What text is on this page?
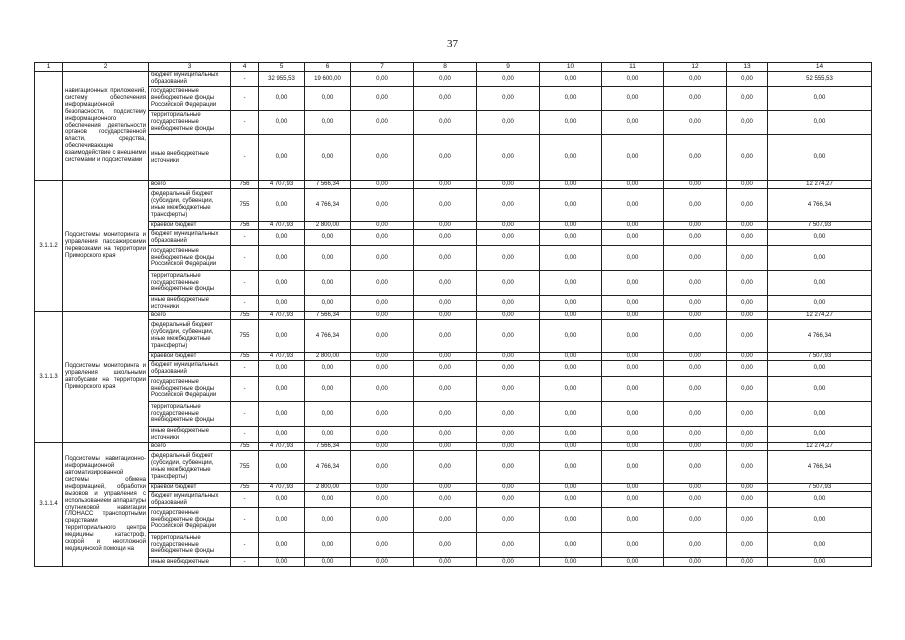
37
1	2	3	4	5	6	7	8	9	10	11	12	13	14
	навигационных приложений, систему обеспечения информационной безопасности, подсистему информационного обеспечения деятельности органов государственной власти, средства, обеспечивающие взаимодействие с внешними системами и подсистемами	бюджет муниципальных образований	-	32 955,53	19 600,00	0,00	0,00	0,00	0,00	0,00	0,00	0,00	52 555,53
		государственные внебюджетные фонды Российской Федерации	-	0,00	0,00	0,00	0,00	0,00	0,00	0,00	0,00	0,00	0,00
		территориальные государственные внебюджетные фонды	-	0,00	0,00	0,00	0,00	0,00	0,00	0,00	0,00	0,00	0,00
		иные внебюджетные источники	-	0,00	0,00	0,00	0,00	0,00	0,00	0,00	0,00	0,00	0,00
3.1.1.2	Подсистемы мониторинга и управления пассажирскими перевозками на территории Приморского края	всего	756	4 707,93	7 566,34	0,00	0,00	0,00	0,00	0,00	0,00	0,00	12 274,27
		федеральный бюджет (субсидии, субвенции, иные межбюджетные трансферты)	755	0,00	4 766,34	0,00	0,00	0,00	0,00	0,00	0,00	0,00	4 766,34
		краевой бюджет	756	4 707,93	2 800,00	0,00	0,00	0,00	0,00	0,00	0,00	0,00	7 507,93
		бюджет муниципальных образований	-	0,00	0,00	0,00	0,00	0,00	0,00	0,00	0,00	0,00	0,00
		государственные внебюджетные фонды Российской Федерации	-	0,00	0,00	0,00	0,00	0,00	0,00	0,00	0,00	0,00	0,00
		территориальные государственные внебюджетные фонды	-	0,00	0,00	0,00	0,00	0,00	0,00	0,00	0,00	0,00	0,00
		иные внебюджетные источники	-	0,00	0,00	0,00	0,00	0,00	0,00	0,00	0,00	0,00	0,00
3.1.1.3	Подсистемы мониторинга и управления школьными автобусами на территории Приморского края	всего	755	4 707,93	7 566,34	0,00	0,00	0,00	0,00	0,00	0,00	0,00	12 274,27
		федеральный бюджет (субсидии, субвенции, иные межбюджетные трансферты)	755	0,00	4 766,34	0,00	0,00	0,00	0,00	0,00	0,00	0,00	4 766,34
		краевой бюджет	755	4 707,93	2 800,00	0,00	0,00	0,00	0,00	0,00	0,00	0,00	7 507,93
		бюджет муниципальных образований	-	0,00	0,00	0,00	0,00	0,00	0,00	0,00	0,00	0,00	0,00
		государственные внебюджетные фонды Российской Федерации	-	0,00	0,00	0,00	0,00	0,00	0,00	0,00	0,00	0,00	0,00
		территориальные государственные внебюджетные фонды	-	0,00	0,00	0,00	0,00	0,00	0,00	0,00	0,00	0,00	0,00
		иные внебюджетные источники	-	0,00	0,00	0,00	0,00	0,00	0,00	0,00	0,00	0,00	0,00
3.1.1.4	Подсистемы навигационно-информационной автоматизированной системы обмена информацией, обработки вызовов и управления с использованием аппаратуры спутниковой навигации ГЛОНАСС транспортными средствами территориального центра медицины катастроф, скорой и неотложной медицинской помощи на	всего	755	4 707,93	7 566,34	0,00	0,00	0,00	0,00	0,00	0,00	0,00	12 274,27
		федеральный бюджет (субсидии, субвенции, иные межбюджетные трансферты)	755	0,00	4 766,34	0,00	0,00	0,00	0,00	0,00	0,00	0,00	4 766,34
		краевой бюджет	755	4 707,93	2 800,00	0,00	0,00	0,00	0,00	0,00	0,00	0,00	7 507,93
		бюджет муниципальных образований	-	0,00	0,00	0,00	0,00	0,00	0,00	0,00	0,00	0,00	0,00
		государственные внебюджетные фонды Российской Федерации	-	0,00	0,00	0,00	0,00	0,00	0,00	0,00	0,00	0,00	0,00
		территориальные государственные внебюджетные фонды	-	0,00	0,00	0,00	0,00	0,00	0,00	0,00	0,00	0,00	0,00
		иные внебюджетные	-	0,00	0,00	0,00	0,00	0,00	0,00	0,00	0,00	0,00	0,00
